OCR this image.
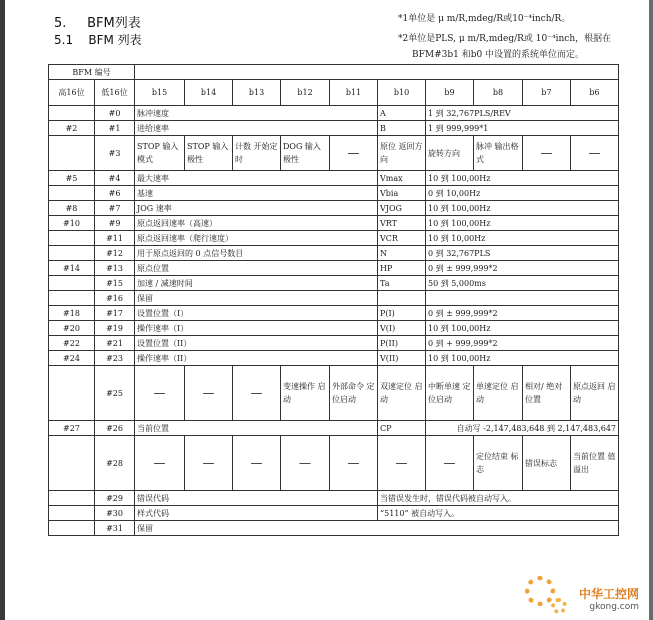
5. BFM列表
5.1 BFM 列表
*1单位是 μ m/R,mdeg/R或10⁻⁴inch/R。
*2单位是PLS, μ m/R,mdeg/R或 10⁻⁴inch，根据在
BFM#3b1 和b0 中设置的系统单位而定。
BFM 编号											
高16位	低16位	b15	b14	b13	b12	b11	b10	b9	b8	b7	b6
	#0	脉冲速度					A	1 到 32,767PLS/REV			
#2	#1	进给速率					B	1 到 999,999*1			
	#3	STOP 输入模式	STOP 输入极性	计数 开始定时	DOG 输入极性	—	原位 返回方向	旋转方向	脉冲 输出格式	—	—
#5	#4	最大速率					Vmax	10 到 100,00Hz			
	#6	基速					Vbia	0 到 10,00Hz			
#8	#7	JOG 速率					VJOG	10 到 100,00Hz			
#10	#9	原点返回速率（高速）					VRT	10 到 100,00Hz			
	#11	原点返回速率（爬行速度）					VCR	10 到 10,00Hz			
	#12	用于原点返回的 0 点信号数目					N	0 到 32,767PLS			
#14	#13	原点位置					HP	0 到 ± 999,999*2			
	#15	加速 / 减速时间					Ta	50 到 5,000ms			
	#16	保留									
#18	#17	设置位置（I）					P(I)	0 到 ± 999,999*2			
#20	#19	操作速率（I）					V(I)	10 到 100,00Hz			
#22	#21	设置位置（II）					P(II)	0 到 + 999,999*2			
#24	#23	操作速率（II）					V(II)	10 到 100,00Hz			
	#25	—	—	—	变速操作 启动	外部命令 定位启动	双速定位 启动	中断单速 定位启动	单速定位 启动	相对/ 绝对位置	原点返回 启动
#27	#26	当前位置					CP	自动写 -2,147,483,648 到 2,147,483,647			
	#28	—	—	—	—	—	—	—	定位结束 标志	错误标志	当前位置 值溢出
	#29	错误代码					当错误发生时，错误代码被自动写入。				
	#30	样式代码					“5110” 被自动写入。				
	#31	保留									
中华工控网
gkong.com
